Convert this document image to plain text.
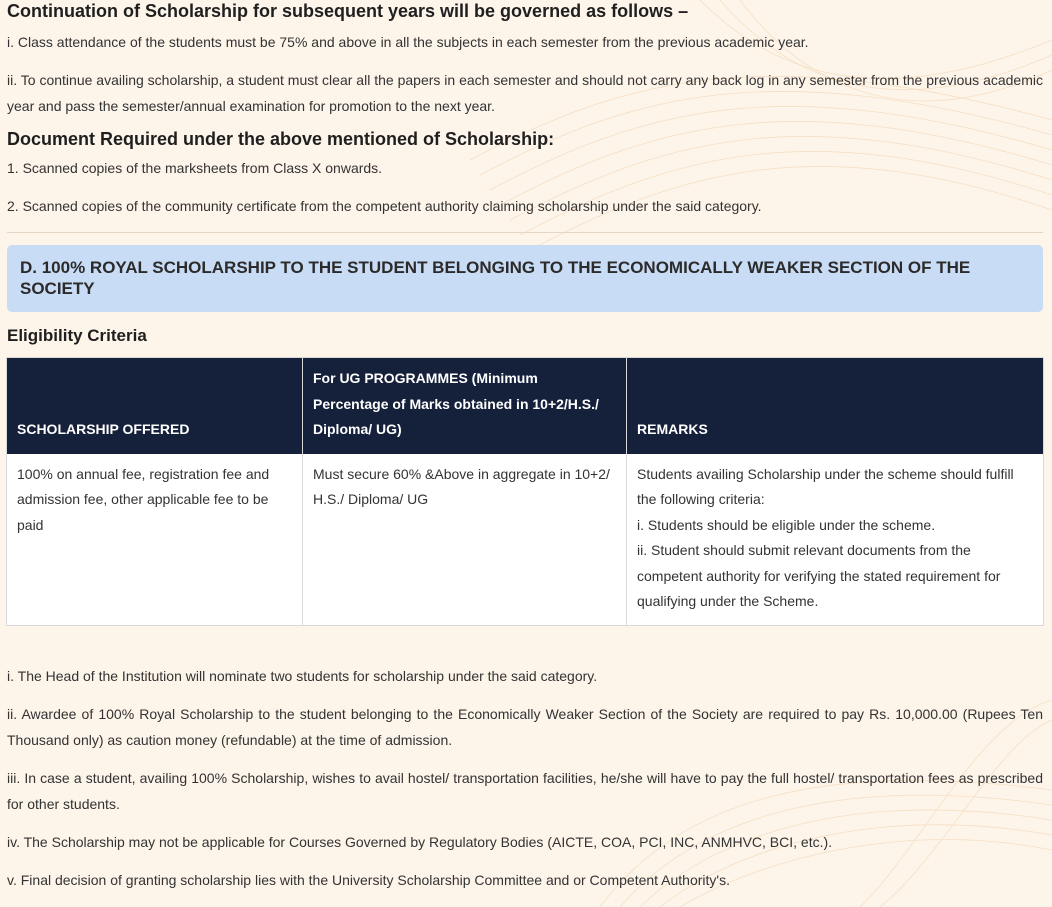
Continuation of Scholarship for subsequent years will be governed as follows –

i. Class attendance of the students must be 75% and above in all the subjects in each semester from the previous academic year.

ii. To continue availing scholarship, a student must clear all the papers in each semester and should not carry any back log in any semester from the previous academic year and pass the semester/annual examination for promotion to the next year.

Document Required under the above mentioned of Scholarship:

1. Scanned copies of the marksheets from Class X onwards.

2. Scanned copies of the community certificate from the competent authority claiming scholarship under the said category.

D. 100% ROYAL SCHOLARSHIP TO THE STUDENT BELONGING TO THE ECONOMICALLY WEAKER SECTION OF THE SOCIETY
Eligibility Criteria
SCHOLARSHIP OFFERED	For UG PROGRAMMES (Minimum Percentage of Marks obtained in 10+2/H.S./ Diploma/ UG)	REMARKS
100% on annual fee, registration fee and admission fee, other applicable fee to be paid	Must secure 60% &Above in aggregate in 10+2/ H.S./ Diploma/ UG	Students availing Scholarship under the scheme should fulfill the following criteria:
i. Students should be eligible under the scheme.
ii. Student should submit relevant documents from the competent authority for verifying the stated requirement for qualifying under the Scheme.

i. The Head of the Institution will nominate two students for scholarship under the said category.

ii. Awardee of 100% Royal Scholarship to the student belonging to the Economically Weaker Section of the Society are required to pay Rs. 10,000.00 (Rupees Ten Thousand only) as caution money (refundable) at the time of admission.

iii. In case a student, availing 100% Scholarship, wishes to avail hostel/ transportation facilities, he/she will have to pay the full hostel/ transportation fees as prescribed for other students.

iv. The Scholarship may not be applicable for Courses Governed by Regulatory Bodies (AICTE, COA, PCI, INC, ANMHVC, BCI, etc.).

v. Final decision of granting scholarship lies with the University Scholarship Committee and or Competent Authority's.
